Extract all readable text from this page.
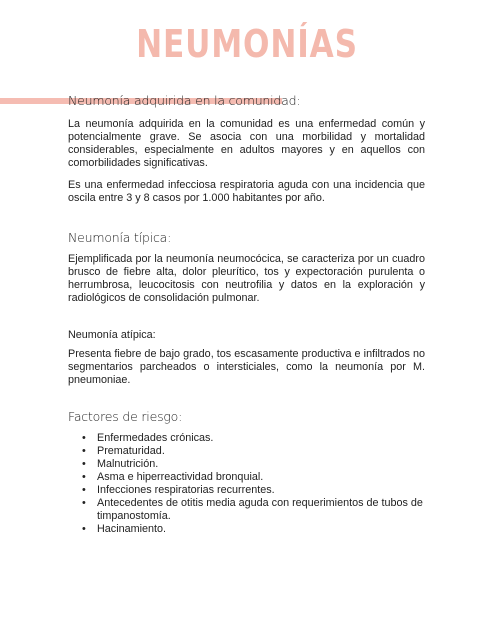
NEUMONÍAS
Neumonía adquirida en la comunidad:
La neumonía adquirida en la comunidad es una enfermedad común y potencialmente grave. Se asocia con una morbilidad y mortalidad considerables, especialmente en adultos mayores y en aquellos con comorbilidades significativas.
Es una enfermedad infecciosa respiratoria aguda con una incidencia que oscila entre 3 y 8 casos por 1.000 habitantes por año.
Neumonía típica:
Ejemplificada por la neumonía neumocócica, se caracteriza por un cuadro brusco de fiebre alta, dolor pleurítico, tos y expectoración purulenta o herrumbrosa, leucocitosis con neutrofilia y datos en la exploración y radiológicos de consolidación pulmonar.
Neumonía atípica:
Presenta fiebre de bajo grado, tos escasamente productiva e infiltrados no segmentarios parcheados o intersticiales, como la neumonía por M. pneumoniae.
Factores de riesgo:
• Enfermedades crónicas.
• Prematuridad.
• Malnutrición.
• Asma e hiperreactividad bronquial.
• Infecciones respiratorias recurrentes.
• Antecedentes de otitis media aguda con requerimientos de tubos de timpanostomía.
• Hacinamiento.
